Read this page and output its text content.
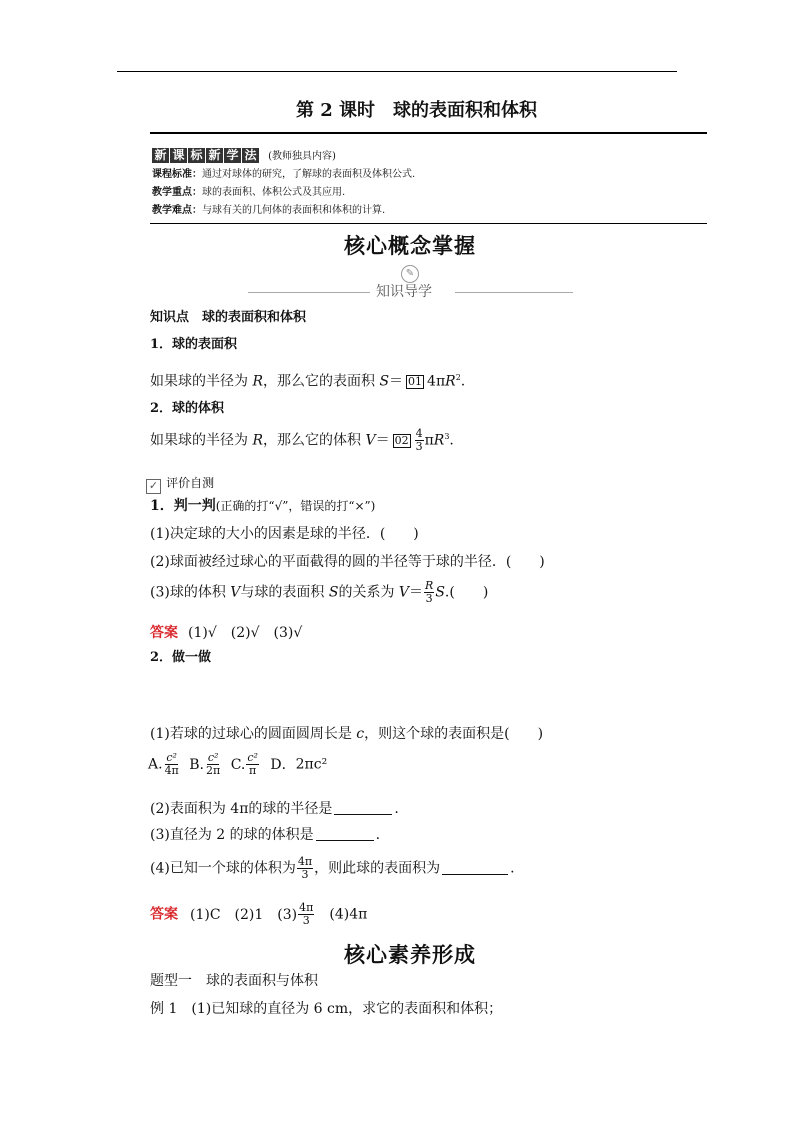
第 2 课时　球的表面积和体积
新 课 标 新 学 法 (教师独具内容)
课程标准：通过对球体的研究，了解球的表面积及体积公式.
教学重点：球的表面积、体积公式及其应用.
教学难点：与球有关的几何体的表面积和体积的计算.
核心概念掌握
✎
知识导学
知识点　球的表面积和体积
1．球的表面积
如果球的半径为 R，那么它的表面积 S＝ 01 $4\pi R^2$.
2．球的体积
如果球的半径为 R，那么它的体积 $V= 02 \frac{4}{3} \pi R^3$.
✓ 评价自测
1．判一判(正确的打“√”，错误的打“×”)
(1)决定球的大小的因素是球的半径．(　　)
(2)球面被经过球心的平面截得的圆的半径等于球的半径．(　　)
(3)球的体积 V与球的表面积 S的关系为 $V= \frac{R}{3} S$.(　　)
答案 (1)√　(2)√　(3)√
2．做一做
(1)若球的过球心的圆面圆周长是 c，则这个球的表面积是(　　)
A. $\frac{\text{c²}}{4\pi} B$. $\frac{\text{c²}}{2\pi} C$. $\frac{\text{c²}}{\pi}$ D．2πc²
(2)表面积为 4π的球的半径是	.
(3)直径为 2 的球的体积是	.
(4)已知一个球的体积为 $\frac{4\pi}{3}$ ，则此球的表面积为	.
答案 (1)C　(2)1　$(3) \frac{4\pi}{3}$ 　(4)4π
核心素养形成
题型一　球的表面积与体积
例 1　(1)已知球的直径为 6 cm，求它的表面积和体积；
